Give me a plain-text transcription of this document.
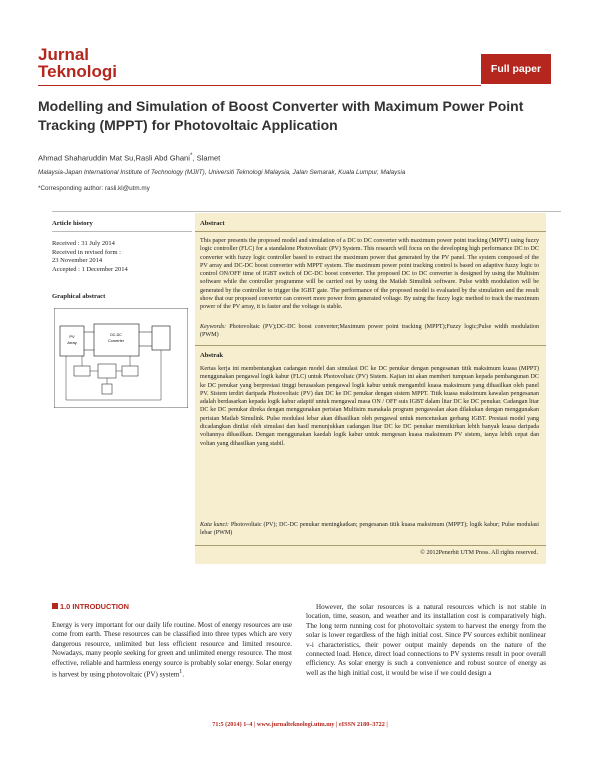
Jurnal
Teknologi	Full paper
Modelling and Simulation of Boost Converter with Maximum Power Point Tracking (MPPT) for Photovoltaic Application
Ahmad Shaharuddin Mat Su,Rasli Abd Ghani*, Slamet
Malaysia-Japan International Institute of Technology (MJIIT), Universiti Teknologi Malaysia, Jalan Semarak, Kuala Lumpur, Malaysia
*Corresponding author: rasli.kl@utm.my
Article history
Received : 31 July 2014
Received in revised form :
23 November 2014
Accepted : 1 December 2014
Graphical abstract
PV
Array
DC-DC
Converter
Abstract
This paper presents the proposed model and simulation of a DC to DC converter with maximum power point tracking (MPPT) using fuzzy logic controller (FLC) for a standalone Photovoltaic (PV) System. This research will focus on the developing high performance DC to DC converter with fuzzy logic controller based to extract the maximum power that generated by the PV panel. The system composed of the PV array and DC-DC boost converter with MPPT system. The maximum power point tracking control is based on adaptive fuzzy logic to control ON/OFF time of IGBT switch of DC-DC boost converter. The proposed DC to DC converter is designed by using the Multisim software while the controller programme will be carried out by using the Matlab Simulink software. Pulse width modulation will be generated by the controller to trigger the IGBT gate. The performance of the proposed model is evaluated by the simulation and the result show that our proposed converter can convert more power from generated voltage. By using the fuzzy logic method to track the maximum power of the PV array, it is faster and the voltage is stable.
Keywords: Photovoltaic (PV);DC-DC boost converter;Maximum power point tracking (MPPT);Fuzzy logic;Pulse width modulation (PWM)
Abstrak
Kertas kerja ini membentangkan cadangan model dan simulasi DC ke DC penukar dengan pengesanan titik maksimum kuasa (MPPT) menggunakan pengawal logik kabur (FLC) untuk Photovoltaic (PV) Sistem. Kajian ini akan memberi tumpuan kepada pembangunan DC ke DC penukar yang berprestasi tinggi berasaskan pengawal logik kabur untuk mengambil kuasa maksimum yang dihasilkan oleh panel PV. Sistem terdiri daripada Photovoltaic (PV) dan DC ke DC penukar dengan sistem MPPT. Titik kuasa maksimum kawalan pengesanan adalah berdasarkan kepada logik kabur adaptif untuk mengawal masa ON / OFF suis IGBT dalam litar DC ke DC penukar. Cadangan litar DC ke DC penukar direka dengan menggunakan perisian Multisim manakala program pengawalan akan dilakukan dengan menggunakan perisian Matlab Simulink. Pulse modulasi lebar akan dihasilkan oleh pengawal untuk mencetuskan gerbang IGBT. Prestasi model yang dicadangkan dinilai oleh simulasi dan hasil menunjukkan cadangan litar DC ke DC penukar memikirkan lebih banyak kuasa daripada voltannya dihasilkan. Dengan menggunakan kaedah logik kabur untuk mengesan kuasa maksimum PV sistem, ianya lebih cepat dan voltan yang dihasilkan yang stabil.
Kata kunci: Photovoltaic (PV); DC-DC penukar meningkatkan; pengesanan titik kuasa maksimum (MPPT); logik kabur; Pulse modulasi lebar (PWM)
© 2012Penerbit UTM Press. All rights reserved.
1.0 INTRODUCTION
Energy is very important for our daily life routine. Most of energy resources are use come from earth. These resources can be classified into three types which are very dangerous resource, unlimited but less efficient resource and limited resource. Nowadays, many people seeking for green and unlimited energy resource. The most effective, reliable and harmless energy source is probably solar energy. Solar energy is harvest by using photovoltaic (PV) system$^1$.

However, the solar resources is a natural resources which is not stable in location, time, season, and weather and its installation cost is comparatively high. The long term running cost for photovoltaic system to harvest the energy from the solar is lower regardless of the high initial cost. Since PV sources exhibit nonlinear v-i characteristics, their power output mainly depends on the nature of the connected load. Hence, direct load connections to PV systems result in poor overall efficiency. As solar energy is such a convenience and robust source of energy as well as the high initial cost, it would be wise if we could design a

71:5 (2014) 1–4 | www.jurnalteknologi.utm.my | eISSN 2180–3722 |
